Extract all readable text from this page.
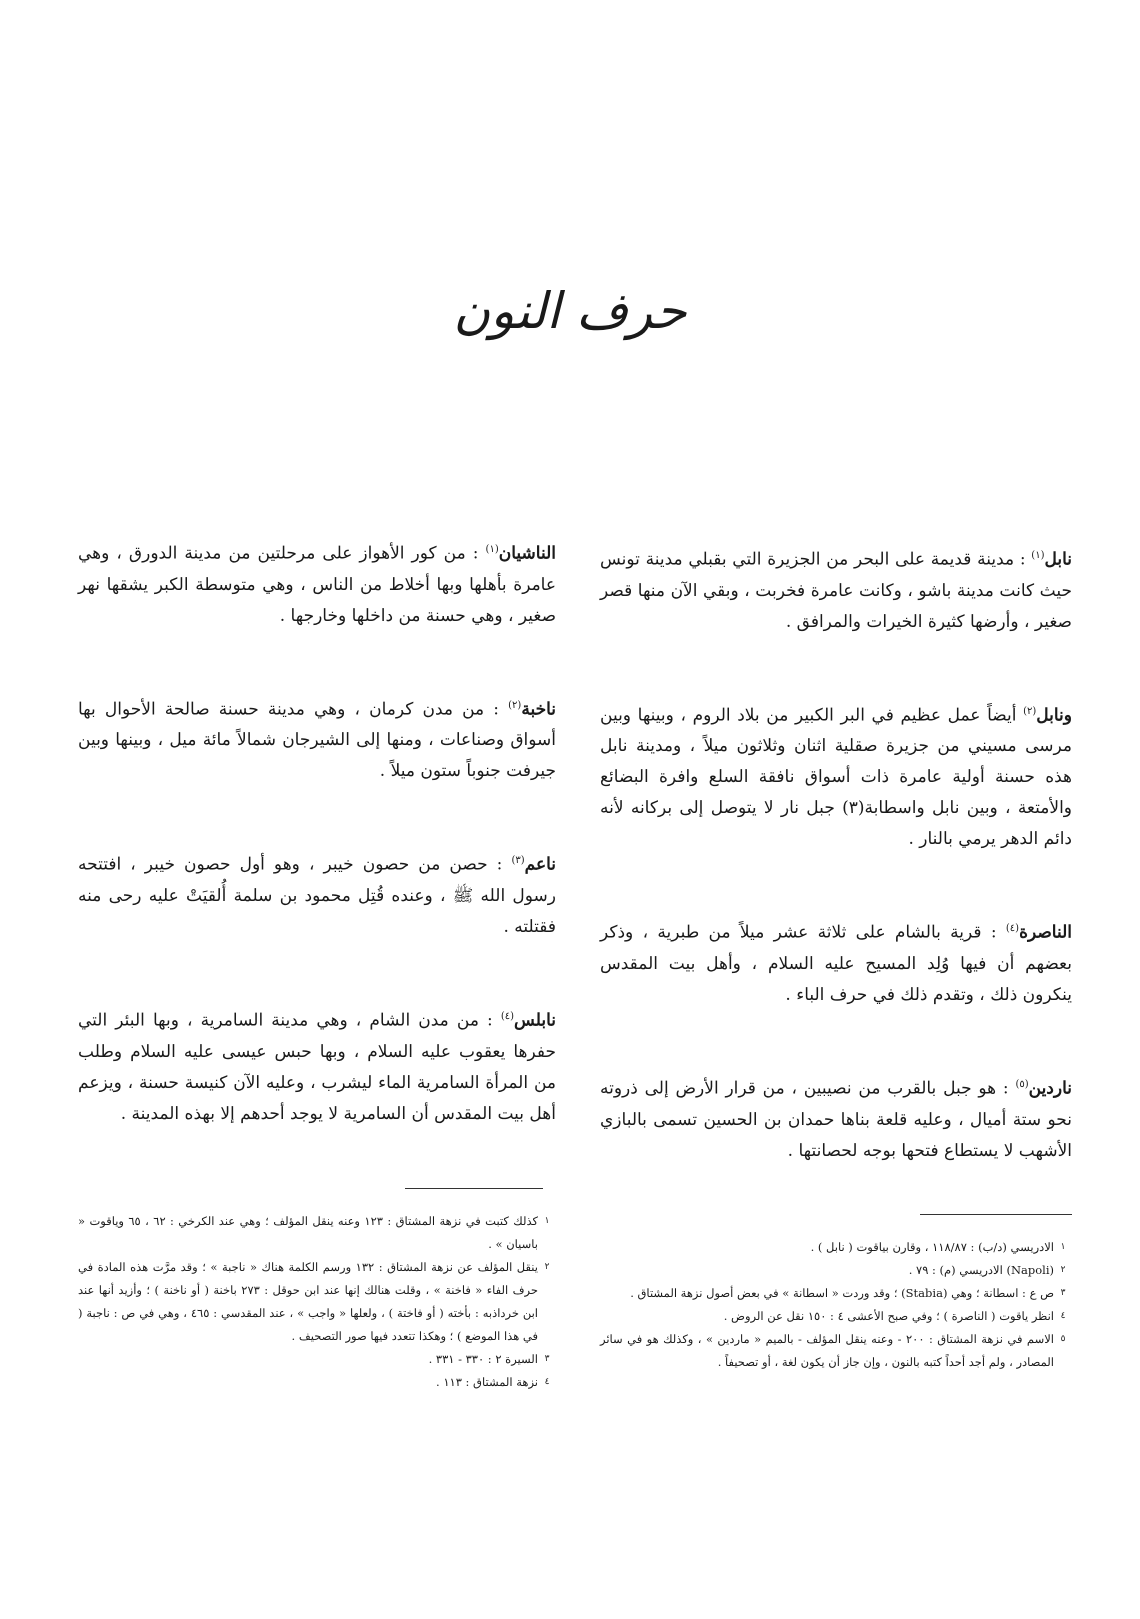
حرف النون

نابل$^{(١)}$ : مدينة قديمة على البحر من الجزيرة التي بقبلي مدينة تونس حيث كانت مدينة باشو ، وكانت عامرة فخربت ، وبقي الآن منها قصر صغير ، وأرضها كثيرة الخيرات والمرافق .

ونابل$^{(٢)}$ أيضاً عمل عظيم في البر الكبير من بلاد الروم ، وبينها وبين مرسى مسيني من جزيرة صقلية اثنان وثلاثون ميلاً ، ومدينة نابل هذه حسنة أولية عامرة ذات أسواق نافقة السلع وافرة البضائع والأمتعة ، وبين نابل واسطابة(٣) جبل نار لا يتوصل إلى بركانه لأنه دائم الدهر يرمي بالنار .

الناصرة$^{(٤)}$ : قرية بالشام على ثلاثة عشر ميلاً من طبرية ، وذكر بعضهم أن فيها وُلِد المسيح عليه السلام ، وأهل بيت المقدس ينكرون ذلك ، وتقدم ذلك في حرف الباء .

ناردين$^{(٥)}$ : هو جبل بالقرب من نصيبين ، من قرار الأرض إلى ذروته نحو ستة أميال ، وعليه قلعة بناها حمدان بن الحسين تسمى بالبازي الأشهب لا يستطاع فتحها بوجه لحصانتها .

الناشيان$^{(١)}$ : من كور الأهواز على مرحلتين من مدينة الدورق ، وهي عامرة بأهلها وبها أخلاط من الناس ، وهي متوسطة الكبر يشقها نهر صغير ، وهي حسنة من داخلها وخارجها .

ناخبة$^{(٢)}$ : من مدن كرمان ، وهي مدينة حسنة صالحة الأحوال بها أسواق وصناعات ، ومنها إلى الشيرجان شمالاً مائة ميل ، وبينها وبين جيرفت جنوباً ستون ميلاً .

ناعم$^{(٣)}$ : حصن من حصون خيبر ، وهو أول حصون خيبر ، افتتحه رسول الله ﷺ ، وعنده قُتِل محمود بن سلمة أُلقيَتْ عليه رحى منه فقتلته .

نابلس$^{(٤)}$ : من مدن الشام ، وهي مدينة السامرية ، وبها البئر التي حفرها يعقوب عليه السلام ، وبها حبس عيسى عليه السلام وطلب من المرأة السامرية الماء ليشرب ، وعليه الآن كنيسة حسنة ، ويزعم أهل بيت المقدس أن السامرية لا يوجد أحدهم إلا بهذه المدينة .

١
الادريسي (د/ب) : ١١٨/٨٧ ، وقارن بياقوت ( نابل ) .
٢
(Napoli) الادريسي (م) : ٧٩ .
٣
ص ع : اسطانة ؛ وهي (Stabia) ؛ وقد وردت « اسطانة » في بعض أصول نزهة المشتاق .
٤
انظر ياقوت ( الناصرة ) ؛ وفي صبح الأعشى ٤ : ١٥٠ نقل عن الروض .
٥
الاسم في نزهة المشتاق : ٢٠٠ - وعنه ينقل المؤلف - بالميم « ماردين » ، وكذلك هو في سائر المصادر ، ولم أجد أحداً كتبه بالنون ، وإن جاز أن يكون لغة ، أو تصحيفاً .
١
كذلك كتبت في نزهة المشتاق : ١٢٣ وعنه ينقل المؤلف ؛ وهي عند الكرخي : ٦٢ ، ٦٥ وياقوت « باسيان » .
٢
ينقل المؤلف عن نزهة المشتاق : ١٣٢ ورسم الكلمة هناك « ناجبة » ؛ وقد مرَّت هذه المادة في حرف الفاء « فاخنة » ، وقلت هنالك إنها عند ابن حوقل : ٢٧٣ باخنة ( أو ناخنة ) ؛ وأزيد أنها عند ابن خرداذبه : بأخته ( أو فاختة ) ، ولعلها « واجب » ، عند المقدسي : ٤٦٥ ، وهي في ص : ناجبة ( في هذا الموضع ) ؛ وهكذا تتعدد فيها صور التصحيف .
٣
السيرة ٢ : ٣٣٠ - ٣٣١ .
٤
نزهة المشتاق : ١١٣ .
